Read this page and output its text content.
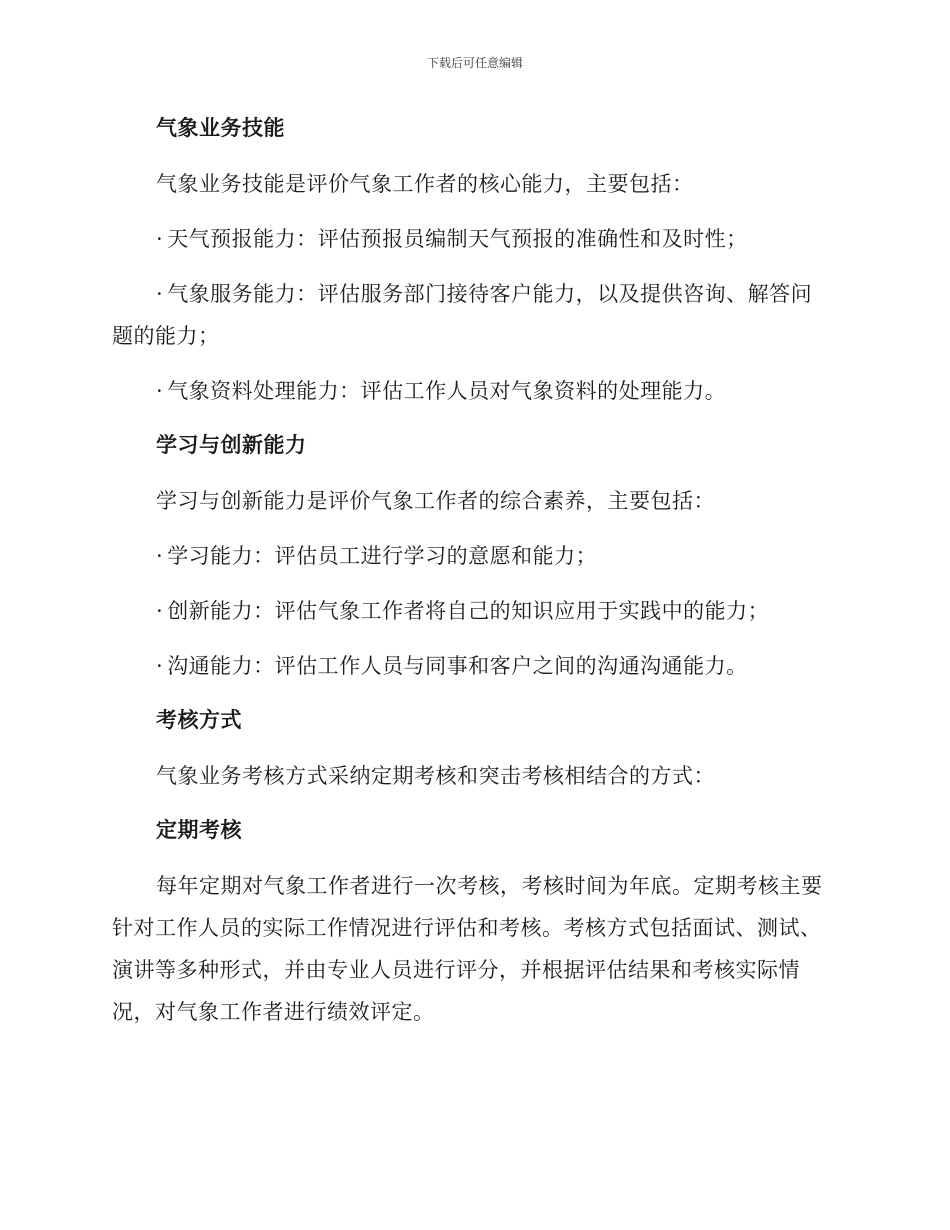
下载后可任意编辑
气象业务技能

气象业务技能是评价气象工作者的核心能力，主要包括：

· 天气预报能力：评估预报员编制天气预报的准确性和及时性；

· 气象服务能力：评估服务部门接待客户能力，以及提供咨询、解答问题的能力；

· 气象资料处理能力：评估工作人员对气象资料的处理能力。

学习与创新能力

学习与创新能力是评价气象工作者的综合素养，主要包括：

· 学习能力：评估员工进行学习的意愿和能力；

· 创新能力：评估气象工作者将自己的知识应用于实践中的能力；

· 沟通能力：评估工作人员与同事和客户之间的沟通沟通能力。

考核方式

气象业务考核方式采纳定期考核和突击考核相结合的方式：

定期考核

每年定期对气象工作者进行一次考核，考核时间为年底。定期考核主要针对工作人员的实际工作情况进行评估和考核。考核方式包括面试、测试、演讲等多种形式，并由专业人员进行评分，并根据评估结果和考核实际情况，对气象工作者进行绩效评定。
